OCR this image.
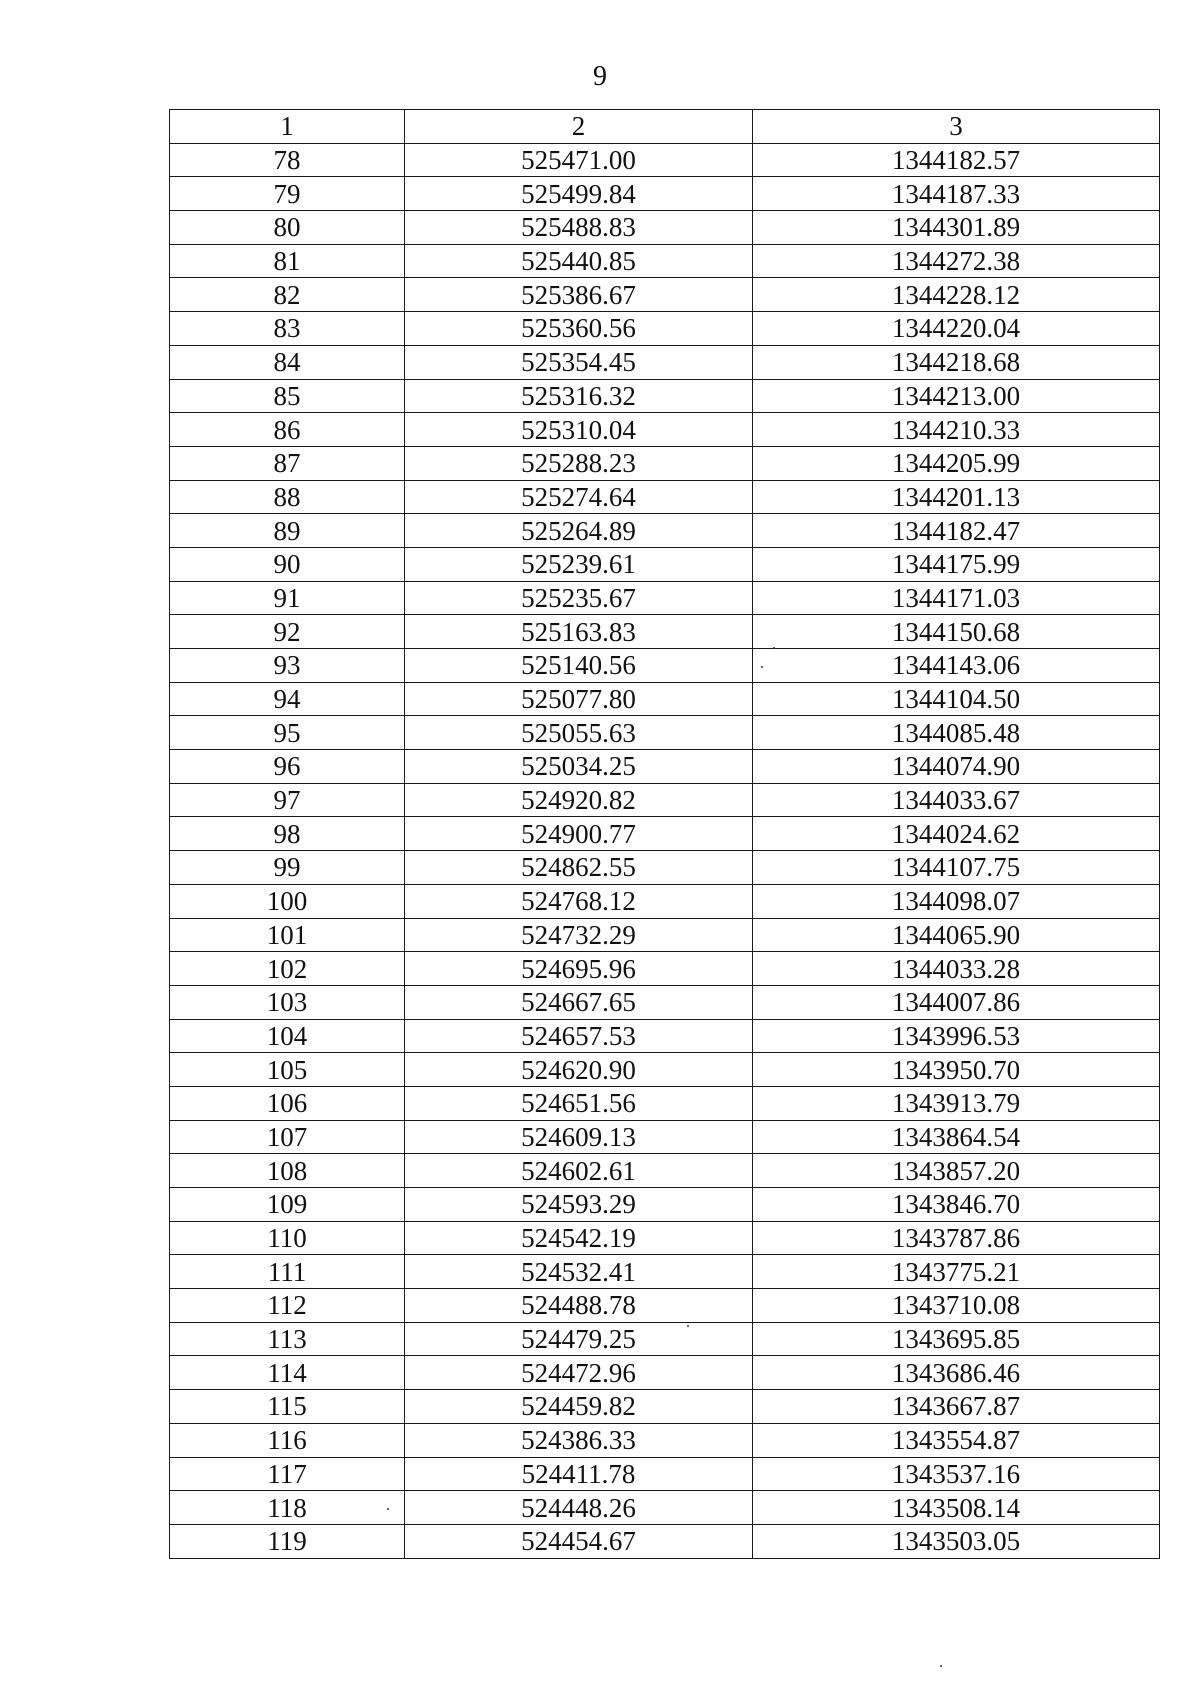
9
1	2	3
78	525471.00	1344182.57
79	525499.84	1344187.33
80	525488.83	1344301.89
81	525440.85	1344272.38
82	525386.67	1344228.12
83	525360.56	1344220.04
84	525354.45	1344218.68
85	525316.32	1344213.00
86	525310.04	1344210.33
87	525288.23	1344205.99
88	525274.64	1344201.13
89	525264.89	1344182.47
90	525239.61	1344175.99
91	525235.67	1344171.03
92	525163.83	1344150.68
93	525140.56	1344143.06
94	525077.80	1344104.50
95	525055.63	1344085.48
96	525034.25	1344074.90
97	524920.82	1344033.67
98	524900.77	1344024.62
99	524862.55	1344107.75
100	524768.12	1344098.07
101	524732.29	1344065.90
102	524695.96	1344033.28
103	524667.65	1344007.86
104	524657.53	1343996.53
105	524620.90	1343950.70
106	524651.56	1343913.79
107	524609.13	1343864.54
108	524602.61	1343857.20
109	524593.29	1343846.70
110	524542.19	1343787.86
111	524532.41	1343775.21
112	524488.78	1343710.08
113	524479.25	1343695.85
114	524472.96	1343686.46
115	524459.82	1343667.87
116	524386.33	1343554.87
117	524411.78	1343537.16
118	524448.26	1343508.14
119	524454.67	1343503.05
